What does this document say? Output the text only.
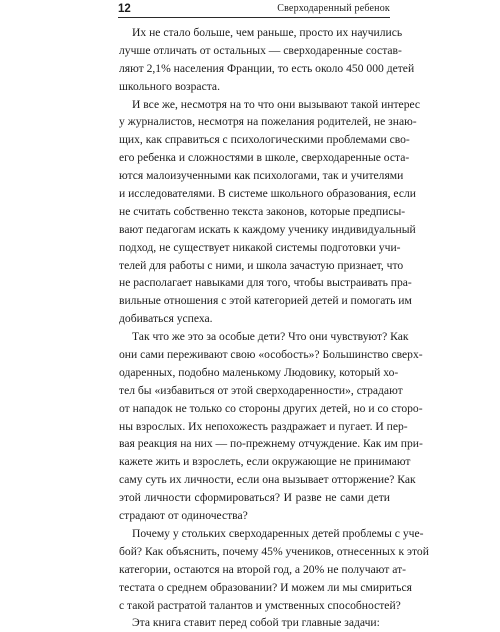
12	Сверходаренный ребенок
Их не стало больше, чем раньше, просто их научились
лучше отличать от остальных — сверходаренные состав-
ляют 2,1% населения Франции, то есть около 450 000 детей
школьного возраста.
И все же, несмотря на то что они вызывают такой интерес
у журналистов, несмотря на пожелания родителей, не знаю-
щих, как справиться с психологическими проблемами сво-
его ребенка и сложностями в школе, сверходаренные оста-
ются малоизученными как психологами, так и учителями
и исследователями. В системе школьного образования, если
не считать собственно текста законов, которые предписы-
вают педагогам искать к каждому ученику индивидуальный
подход, не существует никакой системы подготовки учи-
телей для работы с ними, и школа зачастую признает, что
не располагает навыками для того, чтобы выстраивать пра-
вильные отношения с этой категорией детей и помогать им
добиваться успеха.
Так что же это за особые дети? Что они чувствуют? Как
они сами переживают свою «особость»? Большинство сверх-
одаренных, подобно маленькому Людовику, который хо-
тел бы «избавиться от этой сверходаренности», страдают
от нападок не только со стороны других детей, но и со сторо-
ны взрослых. Их непохожесть раздражает и пугает. И пер-
вая реакция на них — по-прежнему отчуждение. Как им при-
кажете жить и взрослеть, если окружающие не принимают
саму суть их личности, если она вызывает отторжение? Как
этой личности сформироваться? И разве не сами дети
страдают от одиночества?
Почему у стольких сверходаренных детей проблемы с уче-
бой? Как объяснить, почему 45% учеников, отнесенных к этой
категории, остаются на второй год, а 20% не получают ат-
тестата о среднем образовании? И можем ли мы смириться
с такой растратой талантов и умственных способностей?
Эта книга ставит перед собой три главные задачи:
